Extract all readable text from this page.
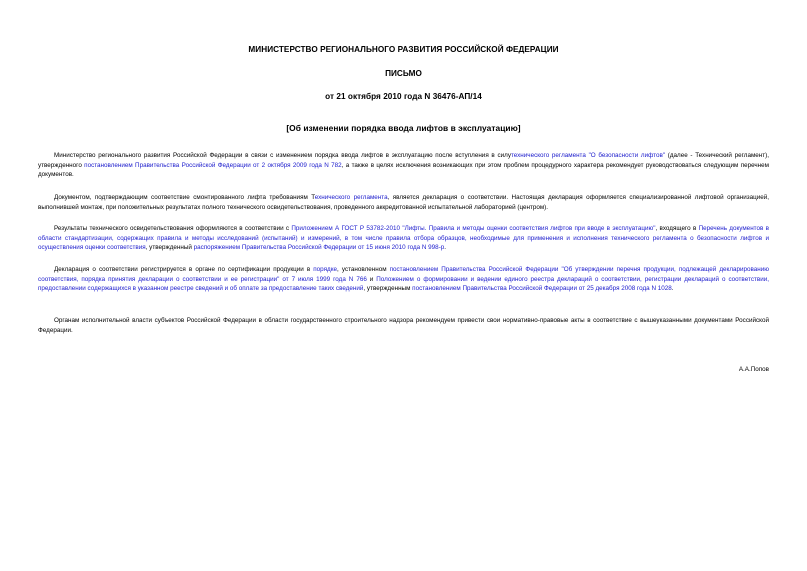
МИНИСТЕРСТВО РЕГИОНАЛЬНОГО РАЗВИТИЯ РОССИЙСКОЙ ФЕДЕРАЦИИ
ПИСЬМО
от 21 октября 2010 года N 36476-АП/14
[Об изменении порядка ввода лифтов в эксплуатацию]

Министерство регионального развития Российской Федерации в связи с изменением порядка ввода лифтов в эксплуатацию после вступления в силутехнического регламента "О безопасности лифтов" (далее - Технический регламент), утвержденного постановлением Правительства Российской Федерации от 2 октября 2009 года N 782, а также в целях исключения возникающих при этом проблем процедурного характера рекомендует руководствоваться следующим перечнем документов.

Документом, подтверждающим соответствие смонтированного лифта требованиям Технического регламента, является декларация о соответствии. Настоящая декларация оформляется специализированной лифтовой организацией, выполнившей монтаж, при положительных результатах полного технического освидетельствования, проведенного аккредитованной испытательной лабораторией (центром).

Результаты технического освидетельствования оформляются в соответствии с Приложением А ГОСТ Р 53782-2010 "Лифты. Правила и методы оценки соответствия лифтов при вводе в эксплуатацию", входящего в Перечень документов в области стандартизации, содержащих правила и методы исследований (испытаний) и измерений, в том числе правила отбора образцов, необходимые для применения и исполнения технического регламента о безопасности лифтов и осуществления оценки соответствия, утвержденный распоряжением Правительства Российской Федерации от 15 июня 2010 года N 998-р.

Декларация о соответствии регистрируется в органе по сертификации продукции в порядке, установленном постановлением Правительства Российской Федерации "Об утверждении перечня продукции, подлежащей декларированию соответствия, порядка принятия декларации о соответствии и ее регистрации" от 7 июля 1999 года N 766 и Положением о формировании и ведении единого реестра деклараций о соответствии, регистрации деклараций о соответствии, предоставлении содержащихся в указанном реестре сведений и об оплате за предоставление таких сведений, утвержденным постановлением Правительства Российской Федерации от 25 декабря 2008 года N 1028.

Органам исполнительной власти субъектов Российской Федерации в области государственного строительного надзора рекомендуем привести свои нормативно-правовые акты в соответствие с вышеуказанными документами Российской Федерации.

А.А.Попов
